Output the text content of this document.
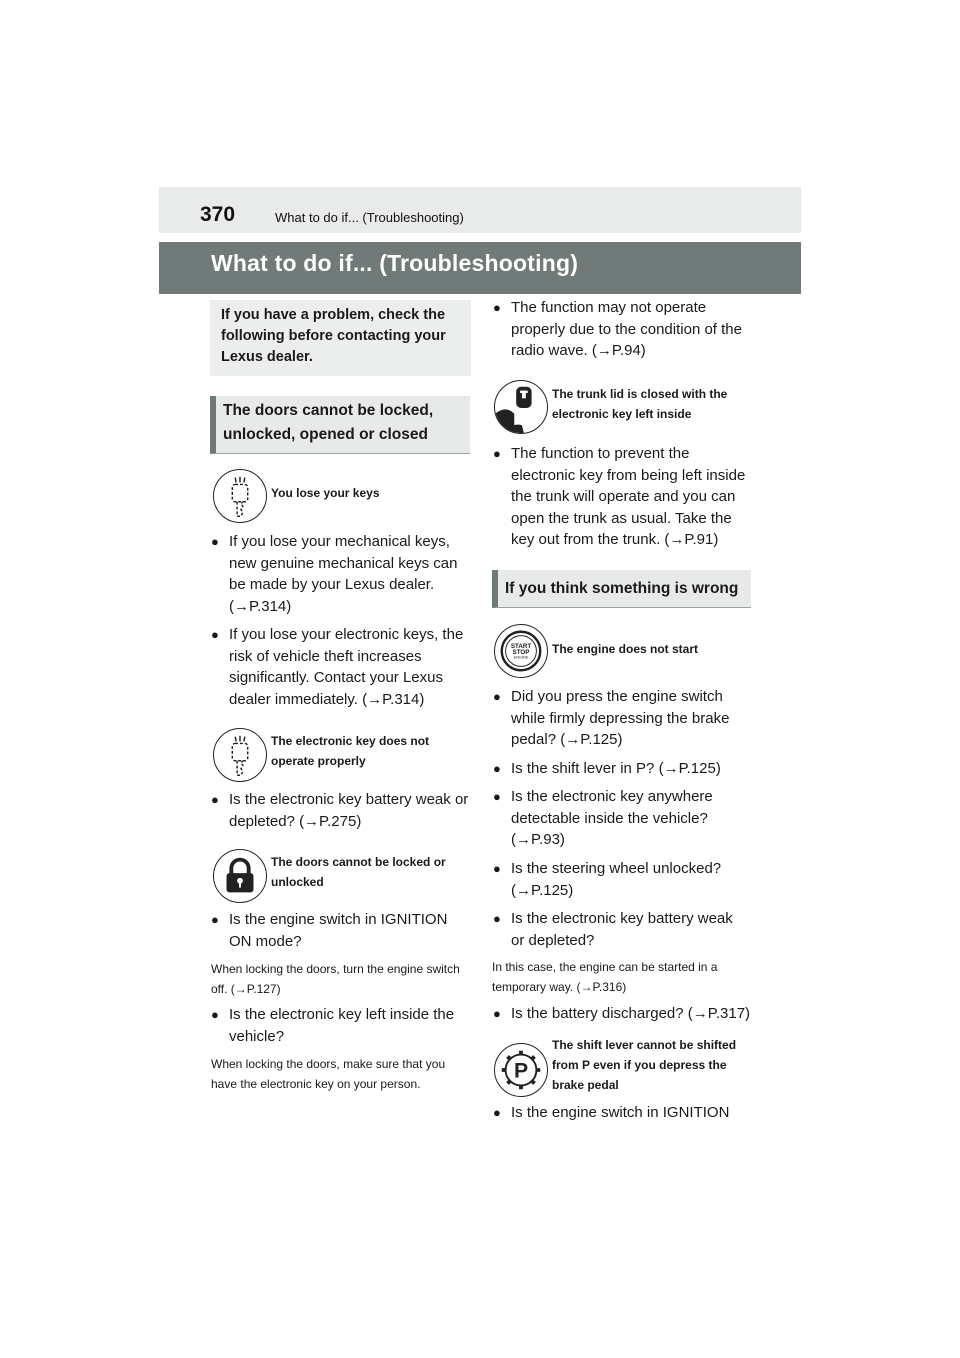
370	What to do if... (Troubleshooting)
What to do if... (Troubleshooting)
If you have a problem, check the following before contacting your Lexus dealer.
The doors cannot be locked, unlocked, opened or closed
You lose your keys
● If you lose your mechanical keys, new genuine mechanical keys can be made by your Lexus dealer. (→P.314)
● If you lose your electronic keys, the risk of vehicle theft increases significantly. Contact your Lexus dealer immediately. (→P.314)
The electronic key does not operate properly
● Is the electronic key battery weak or depleted? (→P.275)
The doors cannot be locked or unlocked
● Is the engine switch in IGNITION ON mode?
When locking the doors, turn the engine switch off. (→P.127)
● Is the electronic key left inside the vehicle?
When locking the doors, make sure that you have the electronic key on your person.
● The function may not operate properly due to the condition of the radio wave. (→P.94)
The trunk lid is closed with the electronic key left inside
● The function to prevent the electronic key from being left inside the trunk will operate and you can open the trunk as usual. Take the key out from the trunk. (→P.91)
If you think something is wrong
START
STOP
ENGINE
The engine does not start
● Did you press the engine switch while firmly depressing the brake pedal? (→P.125)
● Is the shift lever in P? (→P.125)
● Is the electronic key anywhere detectable inside the vehicle? (→P.93)
● Is the steering wheel unlocked? (→P.125)
● Is the electronic key battery weak or depleted?
In this case, the engine can be started in a temporary way. (→P.316)
● Is the battery discharged? (→P.317)
P
The shift lever cannot be shifted from P even if you depress the brake pedal
● Is the engine switch in IGNITION
